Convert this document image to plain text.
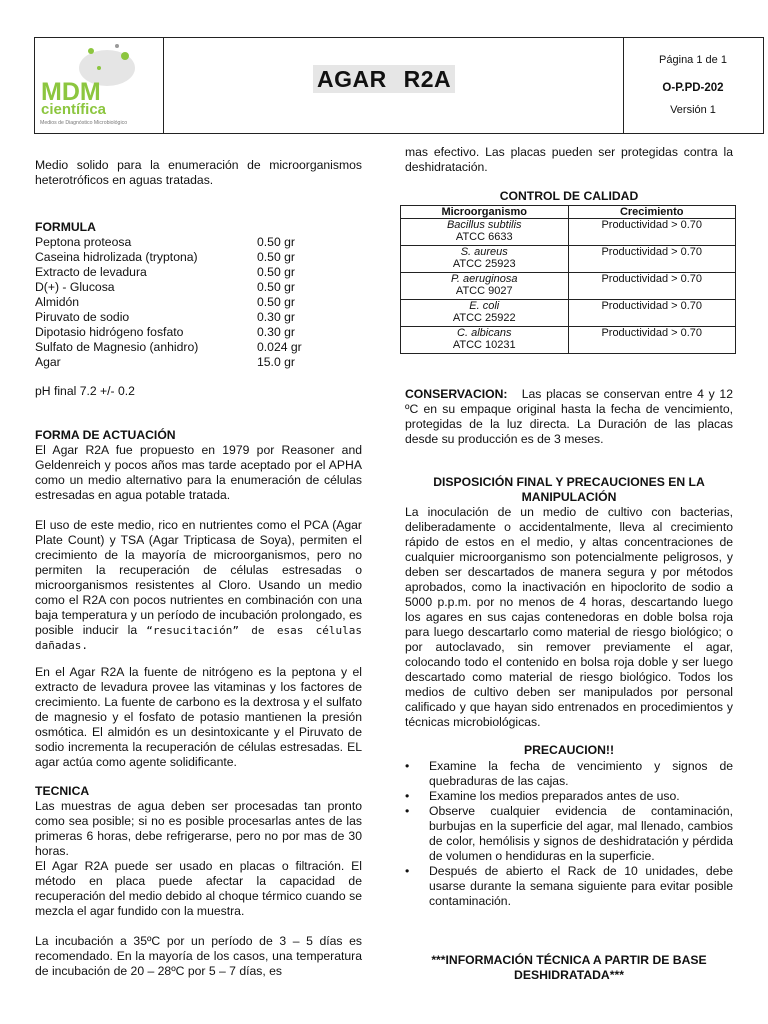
MDM
científica
Medios de Diagnóstico Microbiológico
AGAR R2A
Página 1 de 1
O-P.PD-202
Versión 1
Medio solido para la enumeración de microorganismos heterotróficos en aguas tratadas.
FORMULA
Peptona proteosa	0.50 gr
Caseina hidrolizada (tryptona)	0.50 gr
Extracto de levadura	0.50 gr
D(+) - Glucosa	0.50 gr
Almidón	0.50 gr
Piruvato de sodio	0.30 gr
Dipotasio hidrógeno fosfato	0.30 gr
Sulfato de Magnesio (anhidro)	0.024 gr
Agar	15.0 gr
pH final 7.2 +/- 0.2
FORMA DE ACTUACIÓN
El Agar R2A fue propuesto en 1979 por Reasoner and Geldenreich y pocos años mas tarde aceptado por el APHA como un medio alternativo para la enumeración de células estresadas en agua potable tratada.
El uso de este medio, rico en nutrientes como el PCA (Agar Plate Count) y TSA (Agar Tripticasa de Soya), permiten el crecimiento de la mayoría de microorganismos, pero no permiten la recuperación de células estresadas o microorganismos resistentes al Cloro. Usando un medio como el R2A con pocos nutrientes en combinación con una baja temperatura y un período de incubación prolongado, es posible inducir la “resucitación” de esas células dañadas.
En el Agar R2A la fuente de nitrógeno es la peptona y el extracto de levadura provee las vitaminas y los factores de crecimiento. La fuente de carbono es la dextrosa y el sulfato de magnesio y el fosfato de potasio mantienen la presión osmótica. El almidón es un desintoxicante y el Piruvato de sodio incrementa la recuperación de células estresadas. EL agar actúa como agente solidificante.
TECNICA
Las muestras de agua deben ser procesadas tan pronto como sea posible; si no es posible procesarlas antes de las primeras 6 horas, debe refrigerarse, pero no por mas de 30 horas.
El Agar R2A puede ser usado en placas o filtración. El método en placa puede afectar la capacidad de recuperación del medio debido al choque térmico cuando se mezcla el agar fundido con la muestra.
La incubación a 35ºC por un período de 3 – 5 días es recomendado. En la mayoría de los casos, una temperatura de incubación de 20 – 28ºC por 5 – 7 días, es
mas efectivo. Las placas pueden ser protegidas contra la deshidratación.
CONTROL DE CALIDAD
Microorganismo	Crecimiento
Bacillus subtilis
ATCC 6633	Productividad > 0.70
S. aureus
ATCC 25923	Productividad > 0.70
P. aeruginosa
ATCC 9027	Productividad > 0.70
E. coli
ATCC 25922	Productividad > 0.70
C. albicans
ATCC 10231	Productividad > 0.70
CONSERVACION: Las placas se conservan entre 4 y 12 ºC en su empaque original hasta la fecha de vencimiento, protegidas de la luz directa. La Duración de las placas desde su producción es de 3 meses.
DISPOSICIÓN FINAL Y PRECAUCIONES EN LA MANIPULACIÓN
La inoculación de un medio de cultivo con bacterias, deliberadamente o accidentalmente, lleva al crecimiento rápido de estos en el medio, y altas concentraciones de cualquier microorganismo son potencialmente peligrosos, y deben ser descartados de manera segura y por métodos aprobados, como la inactivación en hipoclorito de sodio a 5000 p.p.m. por no menos de 4 horas, descartando luego los agares en sus cajas contenedoras en doble bolsa roja para luego descartarlo como material de riesgo biológico; o por autoclavado, sin remover previamente el agar, colocando todo el contenido en bolsa roja doble y ser luego descartado como material de riesgo biológico. Todos los medios de cultivo deben ser manipulados por personal calificado y que hayan sido entrenados en procedimientos y técnicas microbiológicas.
PRECAUCION!!
• Examine la fecha de vencimiento y signos de quebraduras de las cajas.
• Examine los medios preparados antes de uso.
• Observe cualquier evidencia de contaminación, burbujas en la superficie del agar, mal llenado, cambios de color, hemólisis y signos de deshidratación y pérdida de volumen o hendiduras en la superficie.
• Después de abierto el Rack de 10 unidades, debe usarse durante la semana siguiente para evitar posible contaminación.
***INFORMACIÓN TÉCNICA A PARTIR DE BASE DESHIDRATADA***
